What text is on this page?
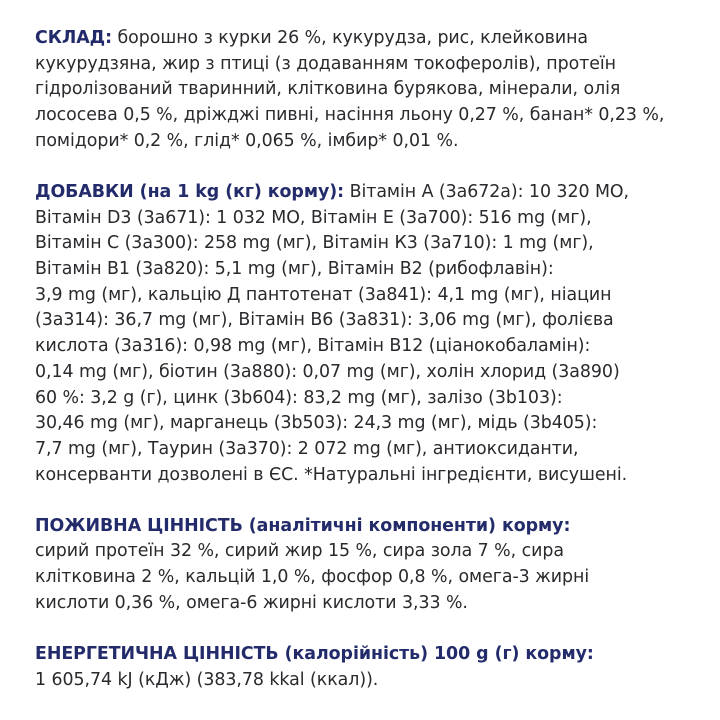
СКЛАД: борошно з курки 26 %, кукурудза, рис, клейковина
кукурудзяна, жир з птиці (з додаванням токоферолів), протеїн
гідролізований тваринний, клітковина бурякова, мінерали, олія
лососева 0,5 %, дріжджі пивні, насіння льону 0,27 %, банан* 0,23 %,
помідори* 0,2 %, глід* 0,065 %, імбир* 0,01 %.
ДОБАВКИ (на 1 kg (кг) корму): Вітамін А (3а672а): 10 320 МО,
Вітамін D3 (3а671): 1 032 МО, Вітамін Е (3а700): 516 mg (мг),
Вітамін С (3а300): 258 mg (мг), Вітамін К3 (3а710): 1 mg (мг),
Вітамін В1 (3а820): 5,1 mg (мг), Вітамін В2 (рибофлавін):
3,9 mg (мг), кальцію Д пантотенат (3а841): 4,1 mg (мг), ніацин
(3а314): 36,7 mg (мг), Вітамін В6 (3а831): 3,06 mg (мг), фолієва
кислота (3а316): 0,98 mg (мг), Вітамін В12 (ціанокобаламін):
0,14 mg (мг), біотин (3а880): 0,07 mg (мг), холін хлорид (3а890)
60 %: 3,2 g (г), цинк (3b604): 83,2 mg (мг), залізо (3b103):
30,46 mg (мг), марганець (3b503): 24,3 mg (мг), мідь (3b405):
7,7 mg (мг), Таурин (3а370): 2 072 mg (мг), антиоксиданти,
консерванти дозволені в ЄС. *Натуральні інгредієнти, висушені.
ПОЖИВНА ЦІННІСТЬ (аналітичні компоненти) корму:
сирий протеїн 32 %, сирий жир 15 %, сира зола 7 %, сира
клітковина 2 %, кальцій 1,0 %, фосфор 0,8 %, омега-3 жирні
кислоти 0,36 %, омега-6 жирні кислоти 3,33 %.
ЕНЕРГЕТИЧНА ЦІННІСТЬ (калорійність) 100 g (г) корму:
1 605,74 kJ (кДж) (383,78 kkal (ккал)).
